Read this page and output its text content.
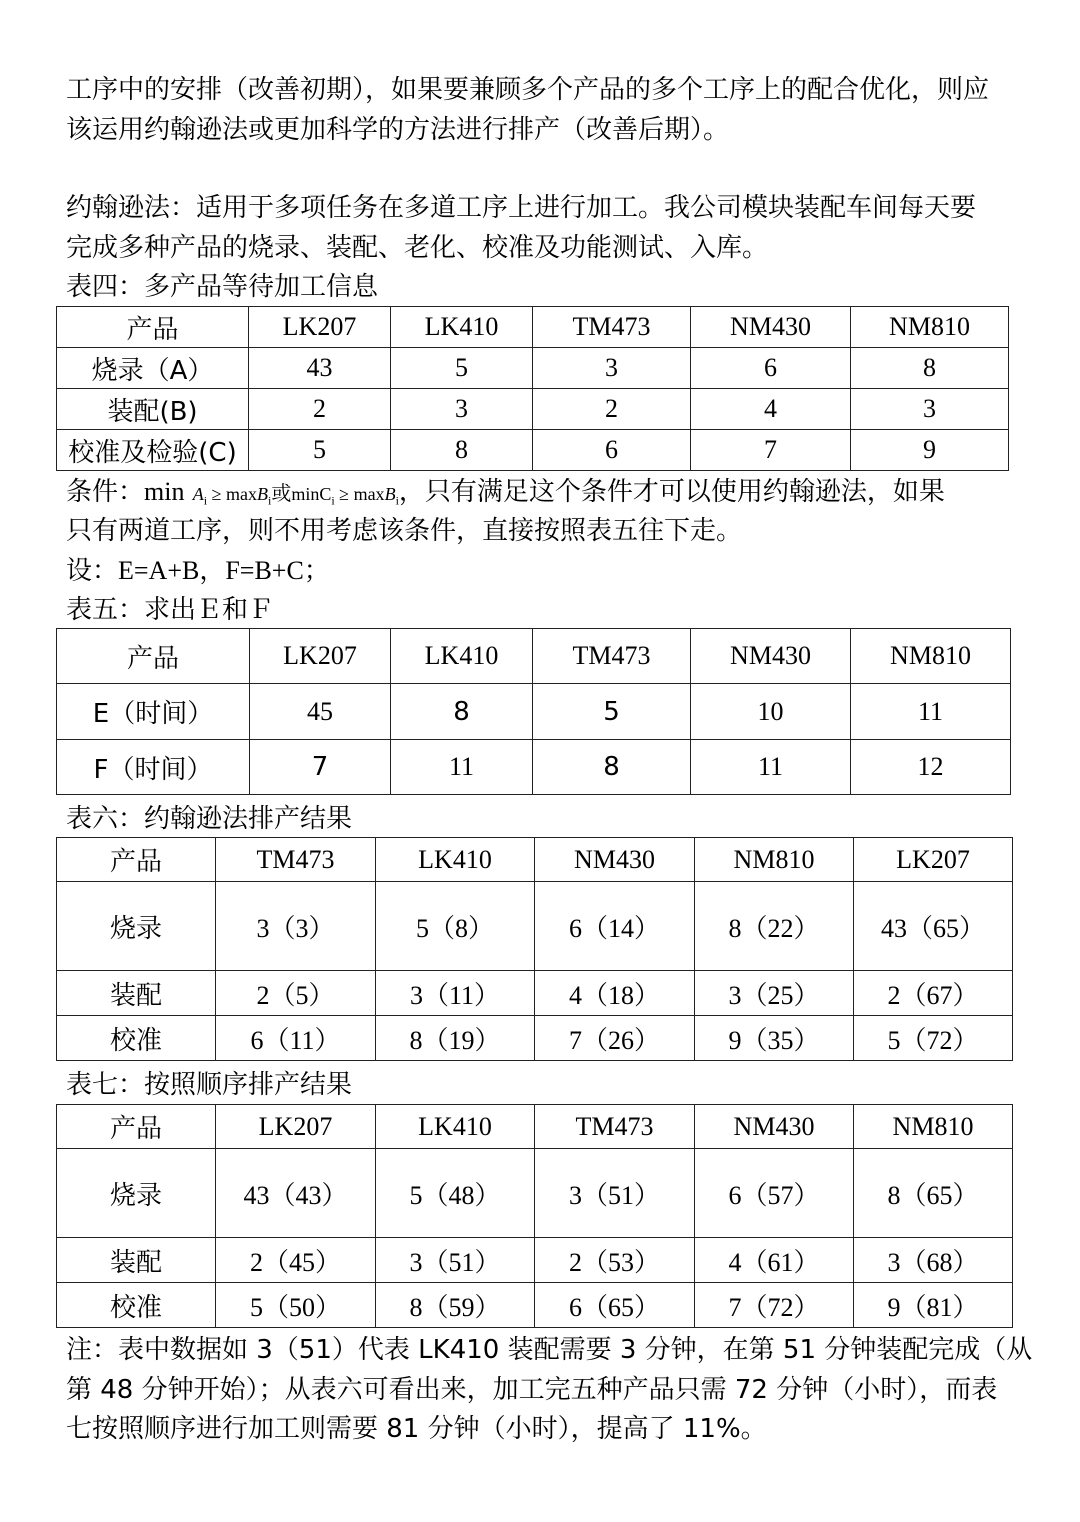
工序中的安排（改善初期），如果要兼顾多个产品的多个工序上的配合优化，则应
该运用约翰逊法或更加科学的方法进行排产（改善后期）。
约翰逊法：适用于多项任务在多道工序上进行加工。我公司模块装配车间每天要
完成多种产品的烧录、装配、老化、校准及功能测试、入库。
表四：多产品等待加工信息
产品	LK207	LK410	TM473	NM430	NM810
烧录（A）	43	5	3	6	8
装配(B)	2	3	2	4	3
校准及检验(C)	5	8	6	7	9
条件：$\min A_i \ge \max B_i$或minC$_i$ ≥ maxB$_i$，只有满足这个条件才可以使用约翰逊法，如果
只有两道工序，则不用考虑该条件，直接按照表五往下走。
设：E=A+B，F=B+C；
表五：求出Ｅ和Ｆ
产品	LK207	LK410	TM473	NM430	NM810
E（时间）	45	8	5	10	11
F（时间）	7	11	8	11	12
表六：约翰逊法排产结果
产品	TM473	LK410	NM430	NM810	LK207
烧录	3（3）	5（8）	6（14）	8（22）	43（65）
装配	2（5）	3（11）	4（18）	3（25）	2（67）
校准	6（11）	8（19）	7（26）	9（35）	5（72）
表七：按照顺序排产结果
产品	LK207	LK410	TM473	NM430	NM810
烧录	43（43）	5（48）	3（51）	6（57）	8（65）
装配	2（45）	3（51）	2（53）	4（61）	3（68）
校准	5（50）	8（59）	6（65）	7（72）	9（81）
注：表中数据如 3（51）代表 LK410 装配需要 3 分钟，在第 51 分钟装配完成（从
第 48 分钟开始）；从表六可看出来，加工完五种产品只需 72 分钟（小时），而表
七按照顺序进行加工则需要 81 分钟（小时），提高了 11%。
